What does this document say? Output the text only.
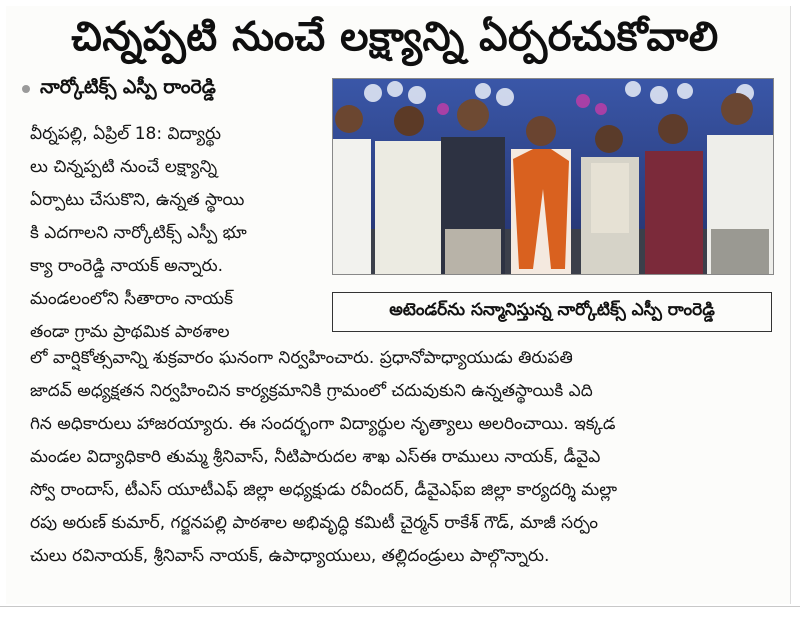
చిన్నప్పటి నుంచే లక్ష్యాన్ని ఏర్పరచుకోవాలి
నార్కోటిక్స్ ఎస్పీ రాంరెడ్డి

వీర్నపల్లి, ఏప్రిల్ 18: విద్యార్థు

లు చిన్నప్పటి నుంచే లక్ష్యాన్ని

ఏర్పాటు చేసుకొని, ఉన్నత స్థాయి

కి ఎదగాలని నార్కోటిక్స్ ఎస్పీ భూ

క్యా రాంరెడ్డి నాయక్ అన్నారు.

మండలంలోని సీతారాం నాయక్

తండా గ్రామ ప్రాథమిక పాఠశాల

అటెండర్‌ను సన్మానిస్తున్న నార్కోటిక్స్ ఎస్పీ రాంరెడ్డి

లో వార్షికోత్సవాన్ని శుక్రవారం ఘనంగా నిర్వహించారు. ప్రధానోపాధ్యాయుడు తిరుపతి

జాదవ్ అధ్యక్షతన నిర్వహించిన కార్యక్రమానికి గ్రామంలో చదువుకుని ఉన్నతస్థాయికి ఎది

గిన అధికారులు హాజరయ్యారు. ఈ సందర్భంగా విద్యార్థుల నృత్యాలు అలరించాయి. ఇక్కడ

మండల విద్యాధికారి తుమ్మ శ్రీనివాస్, నీటిపారుదల శాఖ ఎస్ఈ రాములు నాయక్, డీవైఎ

స్వో రాందాస్, టీఎస్ యూటీఎఫ్ జిల్లా అధ్యక్షుడు రవీందర్, డీవైఎఫ్ఐ జిల్లా కార్యదర్శి మల్లా

రపు అరుణ్ కుమార్, గర్జనపల్లి పాఠశాల అభివృద్ధి కమిటీ చైర్మన్ రాకేశ్ గౌడ్, మాజీ సర్పం

చులు రవినాయక్, శ్రీనివాస్ నాయక్, ఉపాధ్యాయులు, తల్లిదండ్రులు పాల్గొన్నారు.
